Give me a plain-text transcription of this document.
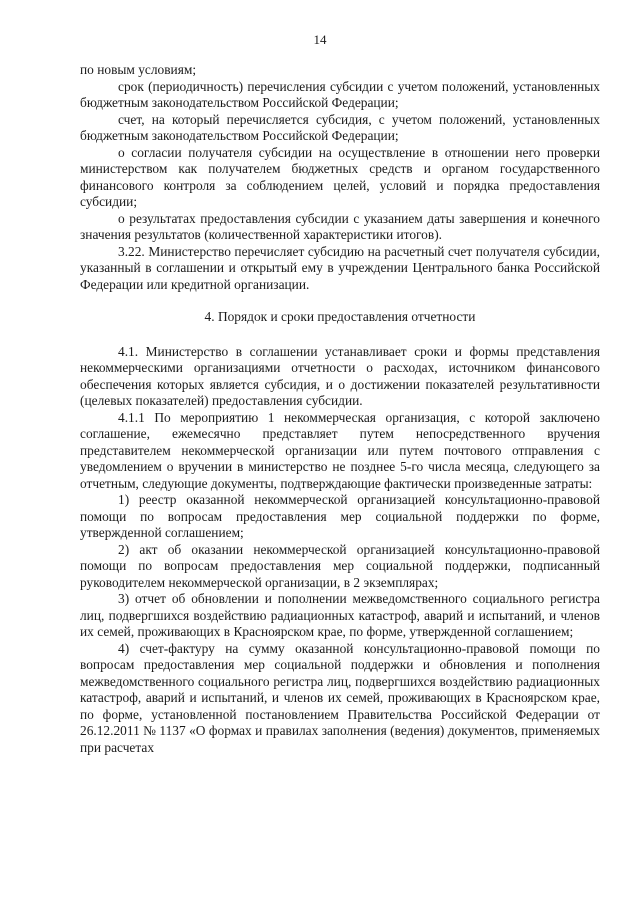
14

по новым условиям;

срок (периодичность) перечисления субсидии с учетом положений, установленных бюджетным законодательством Российской Федерации;

счет, на который перечисляется субсидия, с учетом положений, установленных бюджетным законодательством Российской Федерации;

о согласии получателя субсидии на осуществление в отношении него проверки министерством как получателем бюджетных средств и органом государственного финансового контроля за соблюдением целей, условий и порядка предоставления субсидии;

о результатах предоставления субсидии с указанием даты завершения и конечного значения результатов (количественной характеристики итогов).

3.22. Министерство перечисляет субсидию на расчетный счет получателя субсидии, указанный в соглашении и открытый ему в учреждении Центрального банка Российской Федерации или кредитной организации.

4. Порядок и сроки предоставления отчетности

4.1. Министерство в соглашении устанавливает сроки и формы представления некоммерческими организациями отчетности о расходах, источником финансового обеспечения которых является субсидия, и о достижении показателей результативности (целевых показателей) предоставления субсидии.

4.1.1 По мероприятию 1 некоммерческая организация, с которой заключено соглашение, ежемесячно представляет путем непосредственного вручения представителем некоммерческой организации или путем почтового отправления с уведомлением о вручении в министерство не позднее 5-го числа месяца, следующего за отчетным, следующие документы, подтверждающие фактически произведенные затраты:

1) реестр оказанной некоммерческой организацией консультационно-правовой помощи по вопросам предоставления мер социальной поддержки по форме, утвержденной соглашением;

2) акт об оказании некоммерческой организацией консультационно-правовой помощи по вопросам предоставления мер социальной поддержки, подписанный руководителем некоммерческой организации, в 2 экземплярах;

3) отчет об обновлении и пополнении межведомственного социального регистра лиц, подвергшихся воздействию радиационных катастроф, аварий и испытаний, и членов их семей, проживающих в Красноярском крае, по форме, утвержденной соглашением;

4) счет-фактуру на сумму оказанной консультационно-правовой помощи по вопросам предоставления мер социальной поддержки и обновления и пополнения межведомственного социального регистра лиц, подвергшихся воздействию радиационных катастроф, аварий и испытаний, и членов их семей, проживающих в Красноярском крае, по форме, установленной постановлением Правительства Российской Федерации от 26.12.2011 № 1137 «О формах и правилах заполнения (ведения) документов, применяемых при расчетах
